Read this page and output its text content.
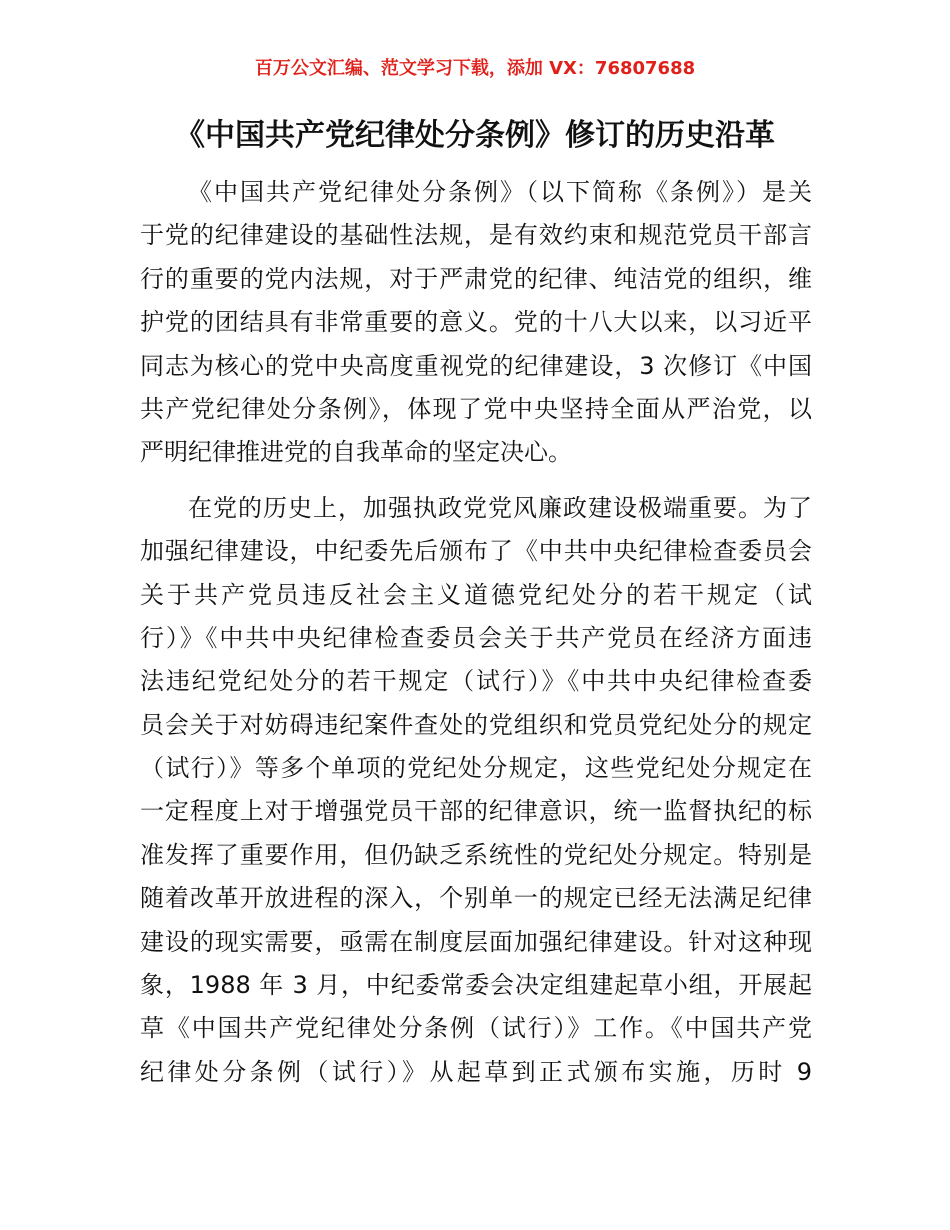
百万公文汇编、范文学习下载，添加 VX：76807688
《中国共产党纪律处分条例》修订的历史沿革
《中国共产党纪律处分条例》（以下简称《条例》）是关
于党的纪律建设的基础性法规，是有效约束和规范党员干部言
行的重要的党内法规，对于严肃党的纪律、纯洁党的组织，维
护党的团结具有非常重要的意义。党的十八大以来，以习近平
同志为核心的党中央高度重视党的纪律建设，3 次修订《中国
共产党纪律处分条例》，体现了党中央坚持全面从严治党，以
严明纪律推进党的自我革命的坚定决心。
在党的历史上，加强执政党党风廉政建设极端重要。为了
加强纪律建设，中纪委先后颁布了《中共中央纪律检查委员会
关于共产党员违反社会主义道德党纪处分的若干规定（试
行）》《中共中央纪律检查委员会关于共产党员在经济方面违
法违纪党纪处分的若干规定（试行）》《中共中央纪律检查委
员会关于对妨碍违纪案件查处的党组织和党员党纪处分的规定
（试行）》等多个单项的党纪处分规定，这些党纪处分规定在
一定程度上对于增强党员干部的纪律意识，统一监督执纪的标
准发挥了重要作用，但仍缺乏系统性的党纪处分规定。特别是
随着改革开放进程的深入，个别单一的规定已经无法满足纪律
建设的现实需要，亟需在制度层面加强纪律建设。针对这种现
象，1988 年 3 月，中纪委常委会决定组建起草小组，开展起
草《中国共产党纪律处分条例（试行）》工作。《中国共产党
纪律处分条例（试行）》从起草到正式颁布实施，历时 9
